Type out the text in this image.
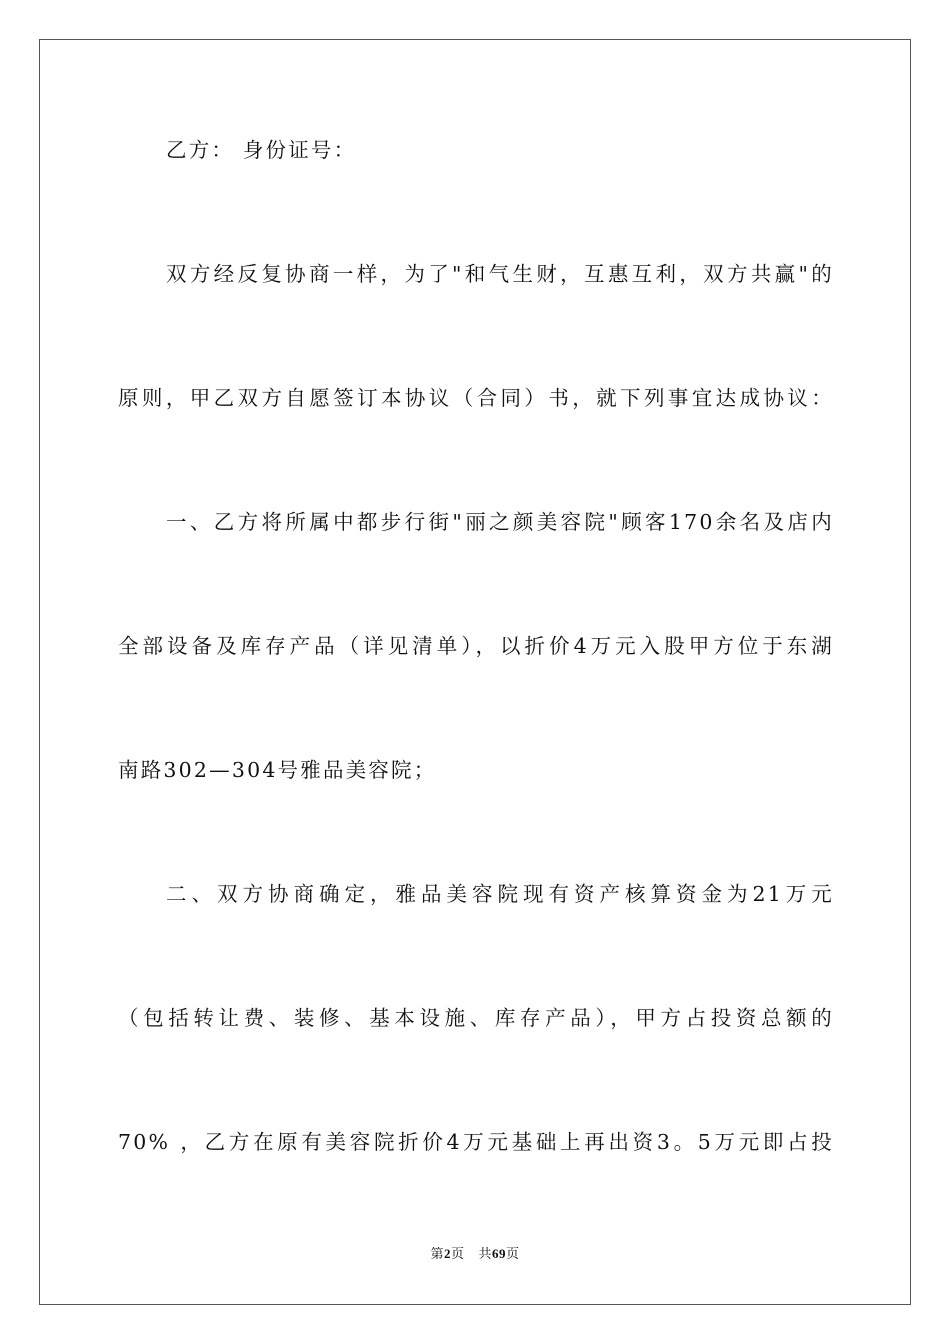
乙方： 身份证号：
双方经反复协商一样，为了"和气生财，互惠互利，双方共赢"的
原则，甲乙双方自愿签订本协议（合同）书，就下列事宜达成协议：
一、乙方将所属中都步行街"丽之颜美容院"顾客170余名及店内
全部设备及库存产品（详见清单），以折价4万元入股甲方位于东湖
南路302—304号雅品美容院；
二、双方协商确定，雅品美容院现有资产核算资金为21万元
（包括转让费、装修、基本设施、库存产品），甲方占投资总额的
70% ，乙方在原有美容院折价4万元基础上再出资3。5万元即占投
第2页 共69页
